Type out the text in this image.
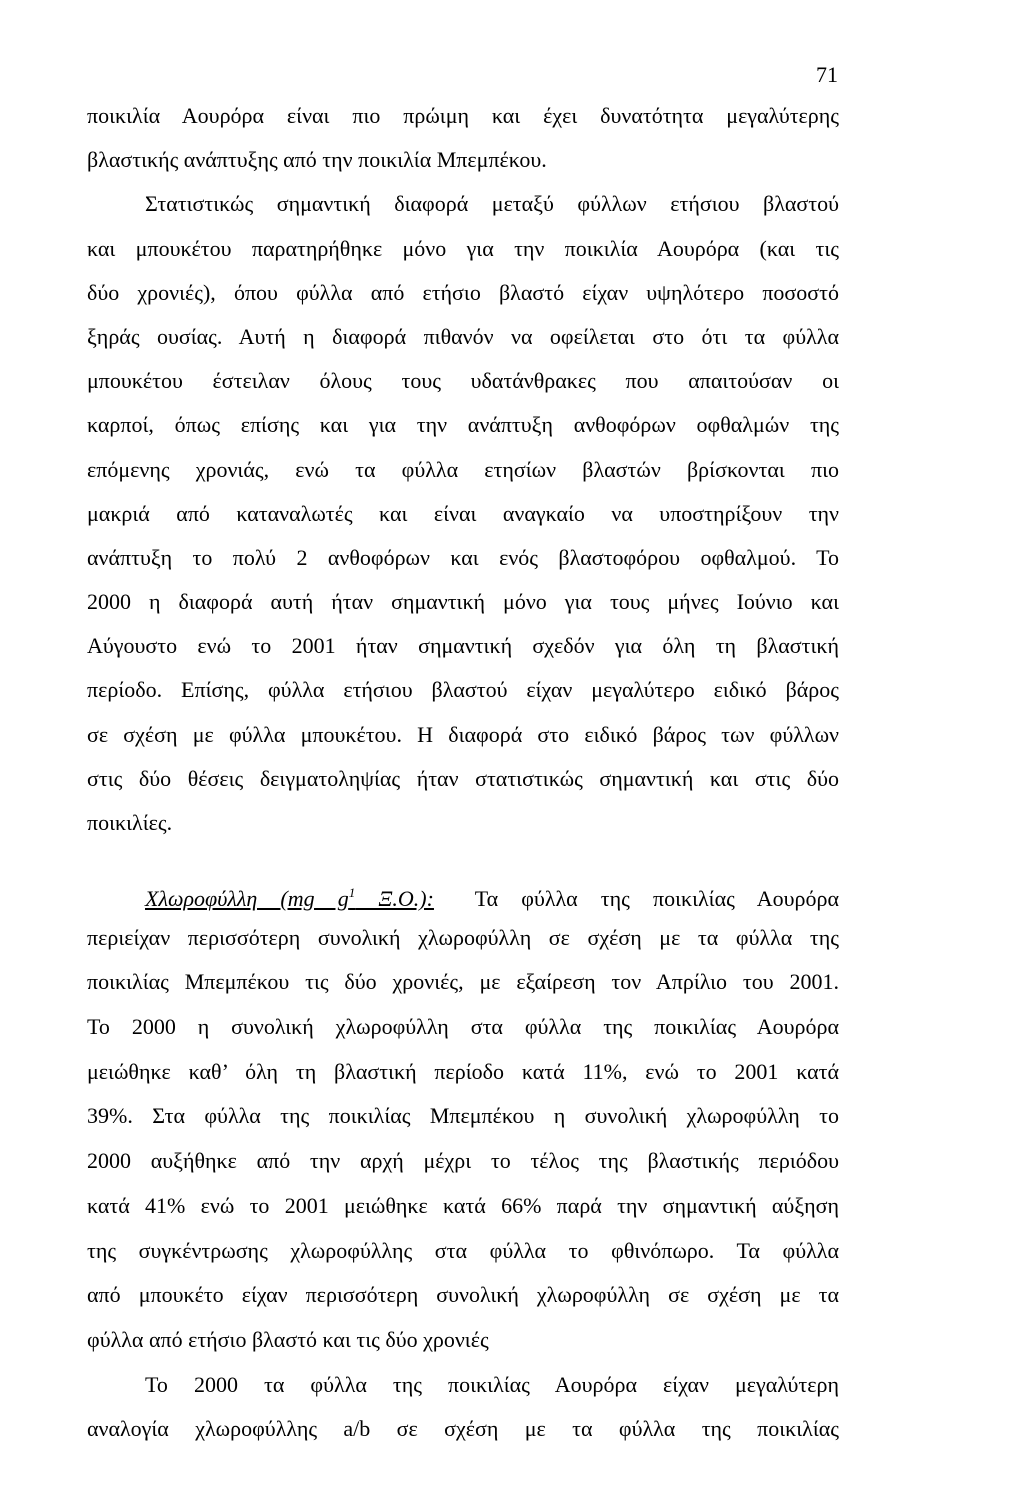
71
ποικιλία Αουρόρα είναι πιο πρώιμη και έχει δυνατότητα μεγαλύτερης
βλαστικής ανάπτυξης από την ποικιλία Μπεμπέκου.
Στατιστικώς σημαντική διαφορά μεταξύ φύλλων ετήσιου βλαστού
και μπουκέτου παρατηρήθηκε μόνο για την ποικιλία Αουρόρα (και τις
δύο χρονιές), όπου φύλλα από ετήσιο βλαστό είχαν υψηλότερο ποσοστό
ξηράς ουσίας. Αυτή η διαφορά πιθανόν να οφείλεται στο ότι τα φύλλα
μπουκέτου έστειλαν όλους τους υδατάνθρακες που απαιτούσαν οι
καρποί, όπως επίσης και για την ανάπτυξη ανθοφόρων οφθαλμών της
επόμενης χρονιάς, ενώ τα φύλλα ετησίων βλαστών βρίσκονται πιο
μακριά από καταναλωτές και είναι αναγκαίο να υποστηρίξουν την
ανάπτυξη το πολύ 2 ανθοφόρων και ενός βλαστοφόρου οφθαλμού. Το
2000 η διαφορά αυτή ήταν σημαντική μόνο για τους μήνες Ιούνιο και
Αύγουστο ενώ το 2001 ήταν σημαντική σχεδόν για όλη τη βλαστική
περίοδο. Επίσης, φύλλα ετήσιου βλαστού είχαν μεγαλύτερο ειδικό βάρος
σε σχέση με φύλλα μπουκέτου. Η διαφορά στο ειδικό βάρος των φύλλων
στις δύο θέσεις δειγματοληψίας ήταν στατιστικώς σημαντική και στις δύο
ποικιλίες.
Χλωροφύλλη (mg $g^1$ Ξ.Ο.): Τα φύλλα της ποικιλίας Αουρόρα
περιείχαν περισσότερη συνολική χλωροφύλλη σε σχέση με τα φύλλα της
ποικιλίας Μπεμπέκου τις δύο χρονιές, με εξαίρεση τον Απρίλιο του 2001.
Το 2000 η συνολική χλωροφύλλη στα φύλλα της ποικιλίας Αουρόρα
μειώθηκε καθ’ όλη τη βλαστική περίοδο κατά 11%, ενώ το 2001 κατά
39%. Στα φύλλα της ποικιλίας Μπεμπέκου η συνολική χλωροφύλλη το
2000 αυξήθηκε από την αρχή μέχρι το τέλος της βλαστικής περιόδου
κατά 41% ενώ το 2001 μειώθηκε κατά 66% παρά την σημαντική αύξηση
της συγκέντρωσης χλωροφύλλης στα φύλλα το φθινόπωρο. Τα φύλλα
από μπουκέτο είχαν περισσότερη συνολική χλωροφύλλη σε σχέση με τα
φύλλα από ετήσιο βλαστό και τις δύο χρονιές
Το 2000 τα φύλλα της ποικιλίας Αουρόρα είχαν μεγαλύτερη
αναλογία χλωροφύλλης a/b σε σχέση με τα φύλλα της ποικιλίας
